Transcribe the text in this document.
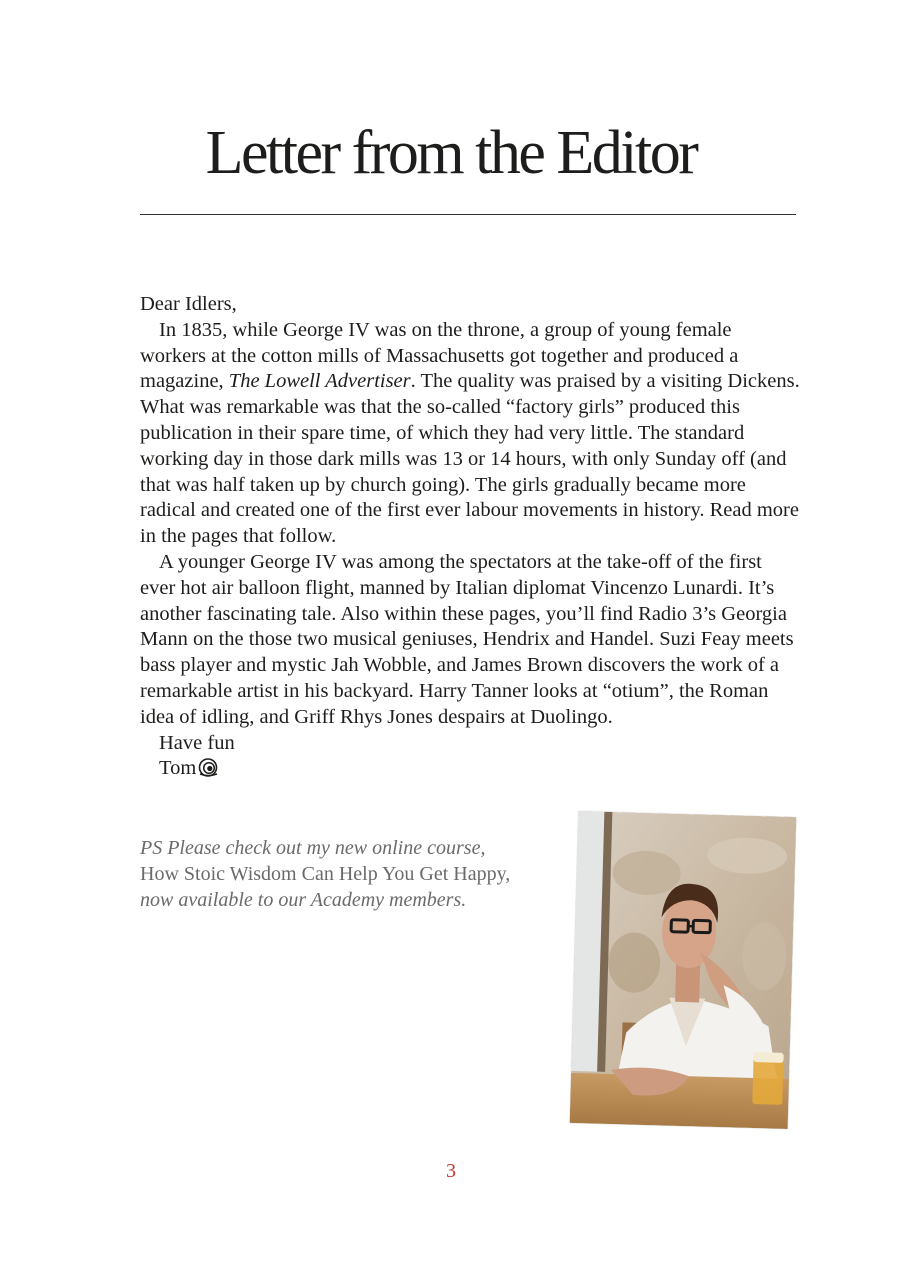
Letter from the Editor

Dear Idlers,

In 1835, while George IV was on the throne, a group of young female workers at the cotton mills of Massachusetts got together and produced a magazine, The Lowell Advertiser. The quality was praised by a visiting Dickens. What was remarkable was that the so-called “factory girls” produced this publication in their spare time, of which they had very little. The standard working day in those dark mills was 13 or 14 hours, with only Sunday off (and that was half taken up by church going). The girls gradually became more radical and created one of the first ever labour movements in history. Read more in the pages that follow.

A younger George IV was among the spectators at the take-off of the first ever hot air balloon flight, manned by Italian diplomat Vincenzo Lunardi. It’s another fascinating tale. Also within these pages, you’ll find Radio 3’s Georgia Mann on the those two musical geniuses, Hendrix and Handel. Suzi Feay meets bass player and mystic Jah Wobble, and James Brown discovers the work of a remarkable artist in his backyard. Harry Tanner looks at “otium”, the Roman idea of idling, and Griff Rhys Jones despairs at Duolingo.

Have fun

Tom

PS Please check out my new online course,

How Stoic Wisdom Can Help You Get Happy,

now available to our Academy members.

3
